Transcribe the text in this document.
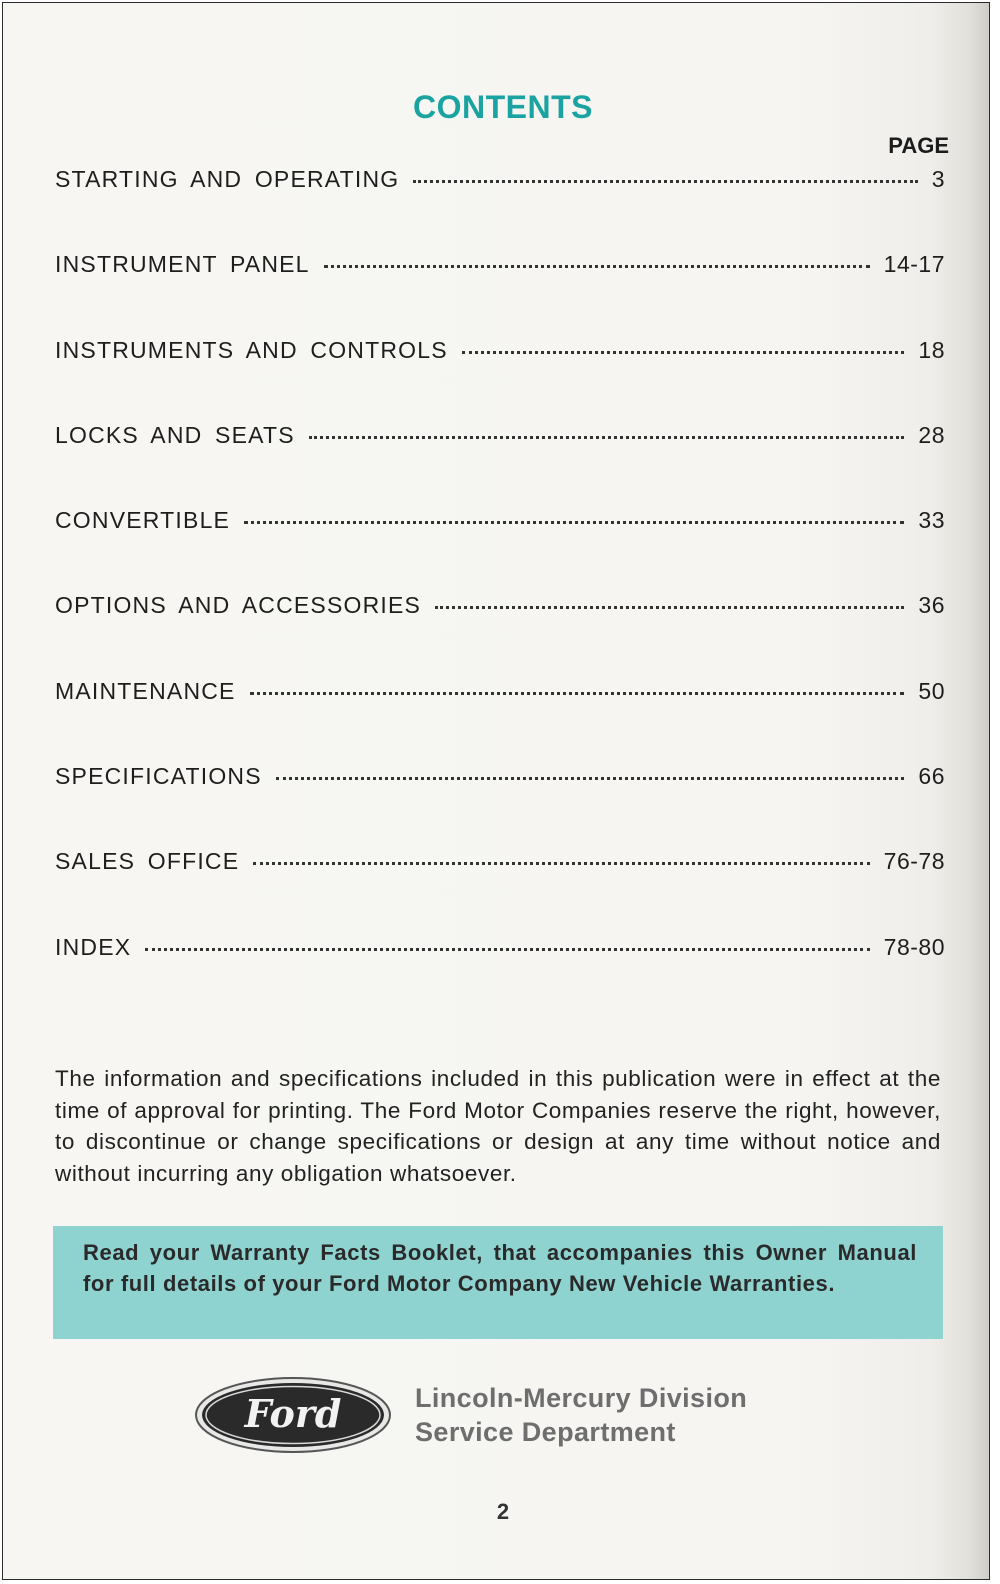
CONTENTS
PAGE
STARTING AND OPERATING	3
INSTRUMENT PANEL	14-17
INSTRUMENTS AND CONTROLS	18
LOCKS AND SEATS	28
CONVERTIBLE	33
OPTIONS AND ACCESSORIES	36
MAINTENANCE	50
SPECIFICATIONS	66
SALES OFFICE	76-78
INDEX	78-80
The information and specifications included in this publication were in effect at the time of approval for printing. The Ford Motor Companies reserve the right, however, to discontinue or change specifications or design at any time without notice and without incurring any obligation whatsoever.
Read your Warranty Facts Booklet, that accompanies this Owner Manual for full details of your Ford Motor Company New Vehicle Warranties.
Ford	Lincoln-Mercury Division
Service Department
2
